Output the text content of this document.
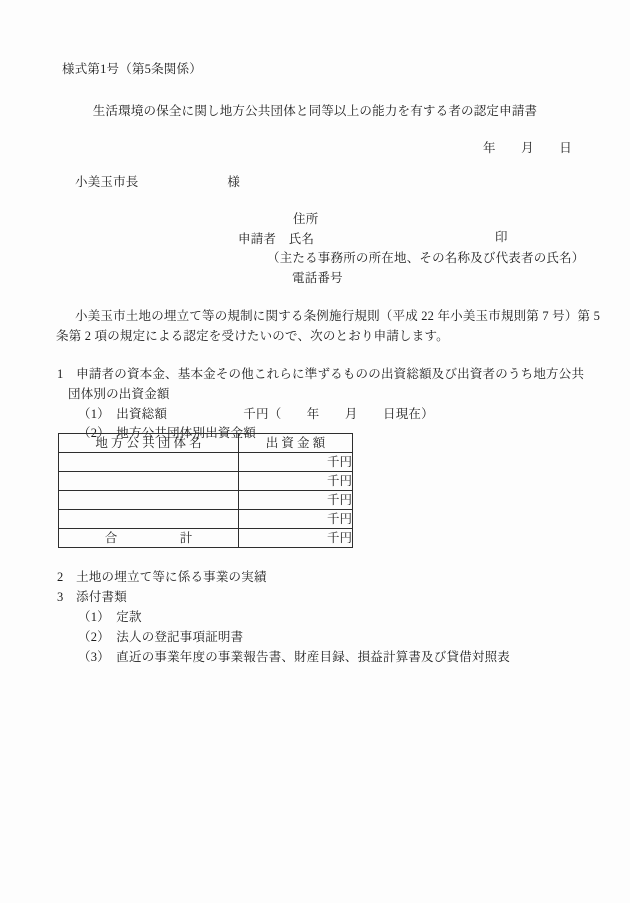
様式第1号（第5条関係）
生活環境の保全に関し地方公共団体と同等以上の能力を有する者の認定申請書
年　　月　　日
小美玉市長　　　　　　　様
住所
申請者　氏名	印
（主たる事務所の所在地、その名称及び代表者の氏名）
電話番号
小美玉市土地の埋立て等の規制に関する条例施行規則（平成 22 年小美玉市規則第 7 号）第 5
条第 2 項の規定による認定を受けたいので、次のとおり申請します。
1　申請者の資本金、基本金その他これらに準ずるものの出資総額及び出資者のうち地方公共
団体別の出資金額
（1）　出資総額　　　　　　千円（　　年　　月　　日現在）
（2）　地方公共団体別出資金額
地 方 公 共 団 体 名	出 資 金 額
	千円
	千円
	千円
	千円
合　　　　　計	千円
2　土地の埋立て等に係る事業の実績
3　添付書類
（1）　定款
（2）　法人の登記事項証明書
（3）　直近の事業年度の事業報告書、財産目録、損益計算書及び貸借対照表
